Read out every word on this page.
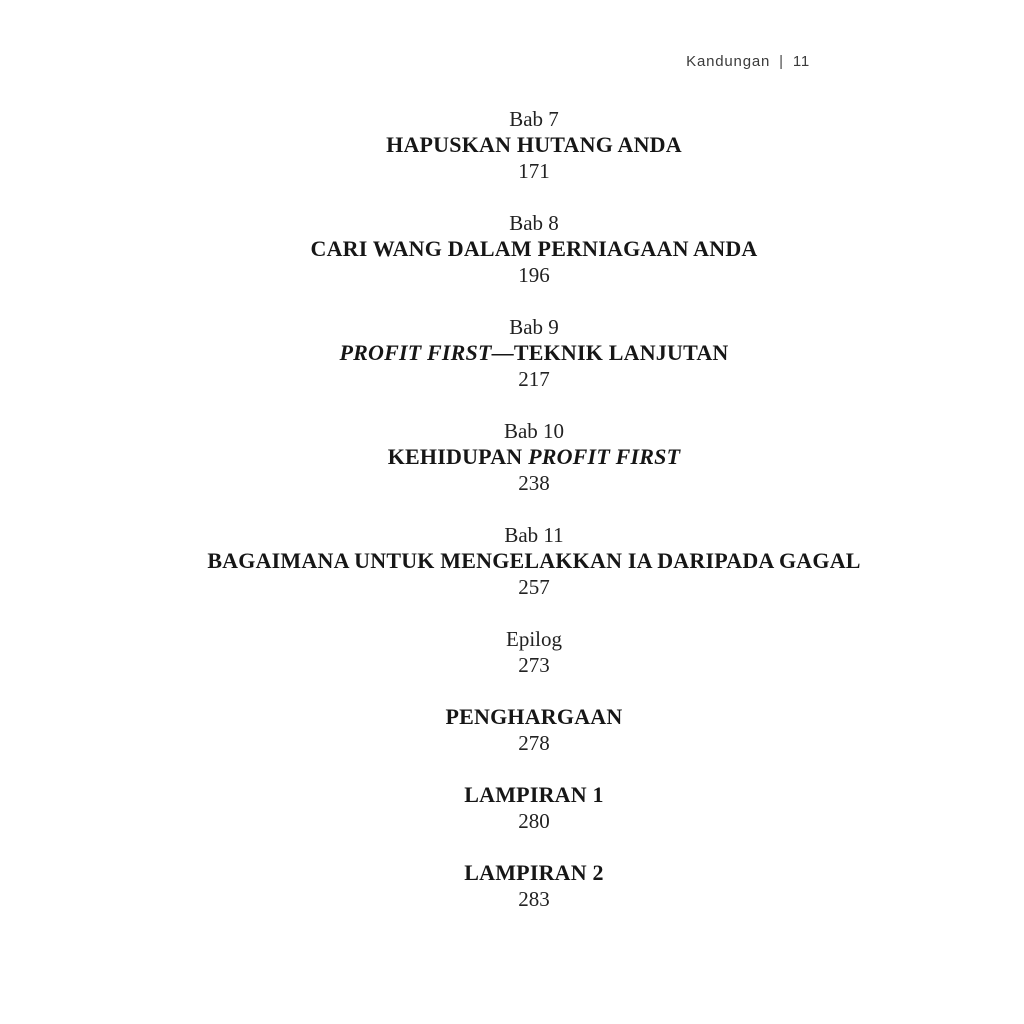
Kandungan | 11
Bab 7
HAPUSKAN HUTANG ANDA
171
Bab 8
CARI WANG DALAM PERNIAGAAN ANDA
196
Bab 9
PROFIT FIRST—TEKNIK LANJUTAN
217
Bab 10
KEHIDUPAN PROFIT FIRST
238
Bab 11
BAGAIMANA UNTUK MENGELAKKAN IA DARIPADA GAGAL
257
Epilog
273
PENGHARGAAN
278
LAMPIRAN 1
280
LAMPIRAN 2
283
